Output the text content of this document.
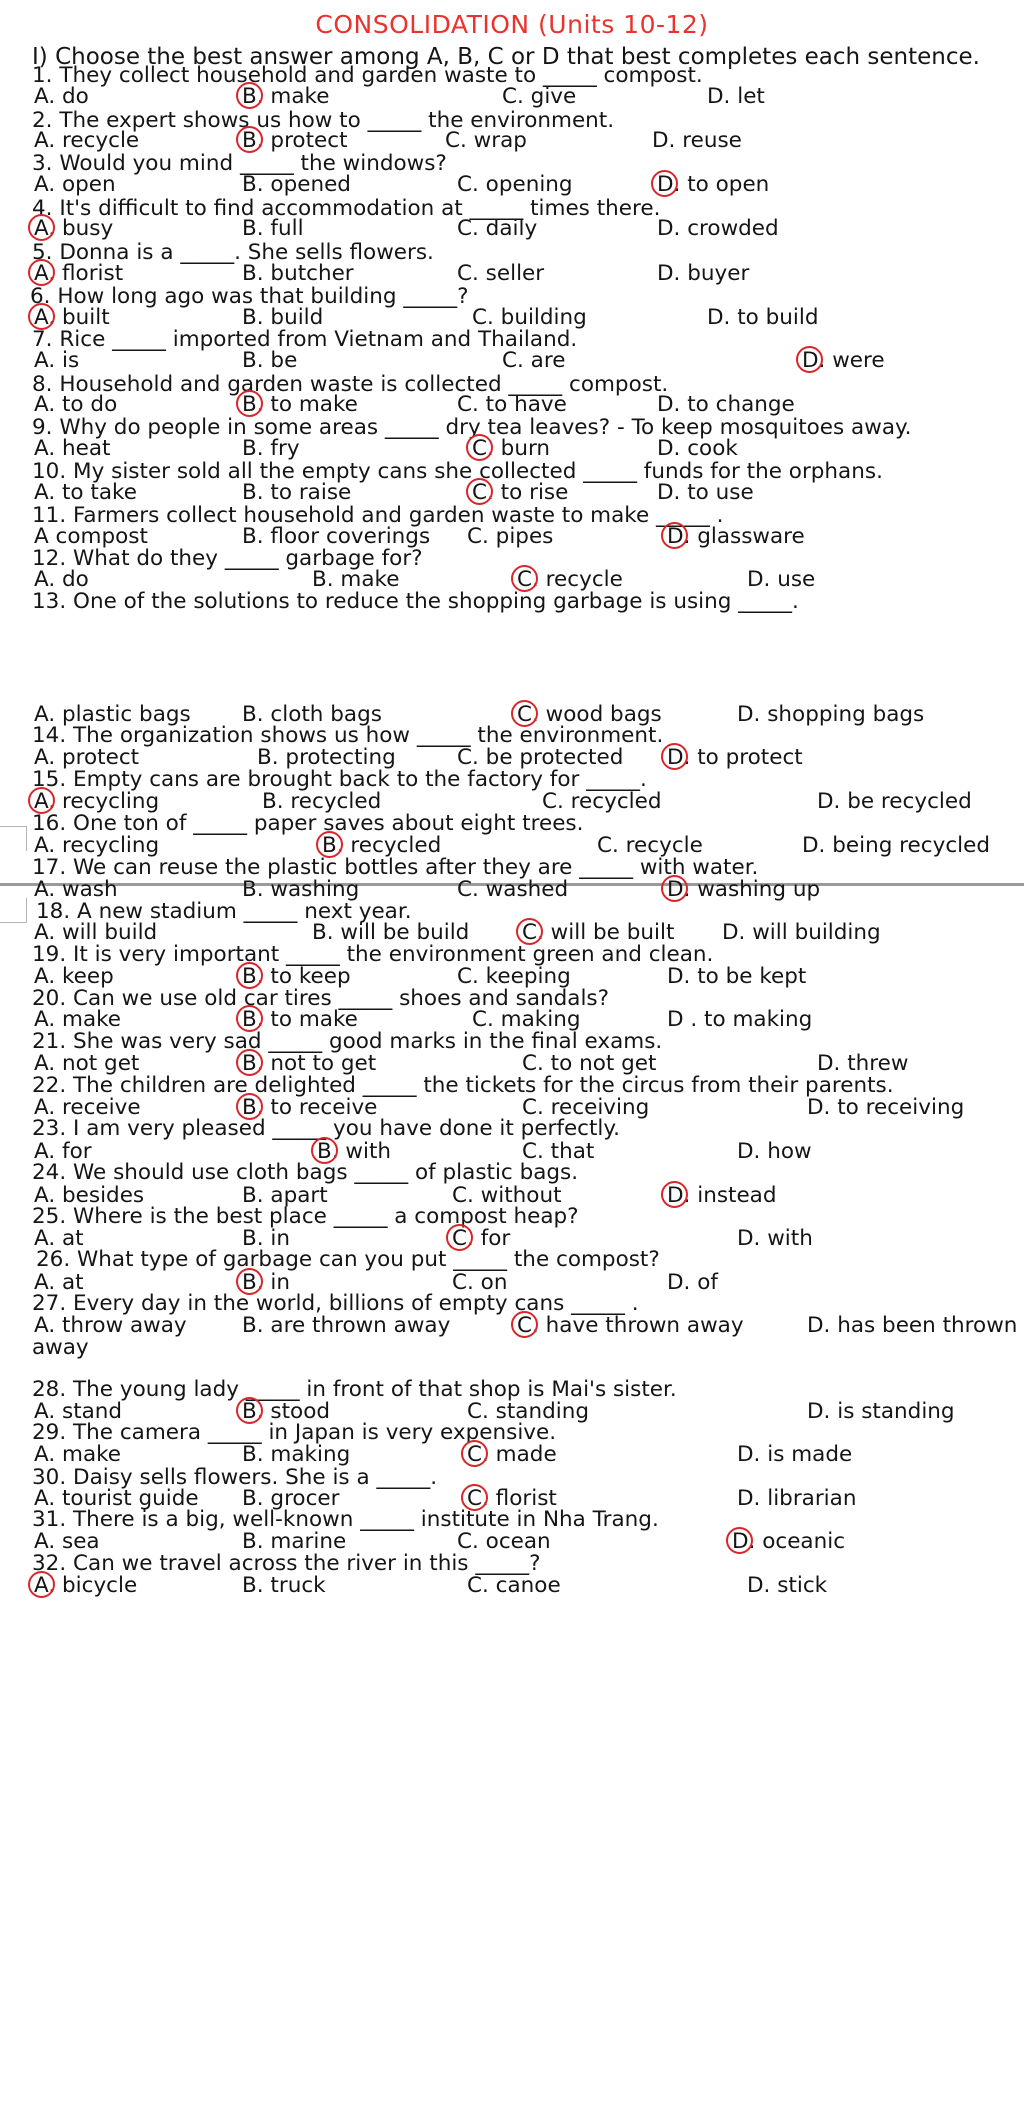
CONSOLIDATION (Units 10-12)
I) Choose the best answer among A, B, C or D that best completes each sentence.
1. They collect household and garden waste to _____ compost.
A. do	B. make	C. give	D. let
2. The expert shows us how to _____ the environment.
A. recycle	B. protect	C. wrap	D. reuse
3. Would you mind _____ the windows?
A. open	B. opened	C. opening	D. to open
4. It's difficult to find accommodation at _____ times there.
A. busy	B. full	C. daily	D. crowded
5. Donna is a _____. She sells flowers.
A. florist	B. butcher	C. seller	D. buyer
6. How long ago was that building _____?
A. built	B. build	C. building	D. to build
7. Rice _____ imported from Vietnam and Thailand.
A. is	B. be	C. are	D. were
8. Household and garden waste is collected _____ compost.
A. to do	B. to make	C. to have	D. to change
9. Why do people in some areas _____ dry tea leaves? - To keep mosquitoes away.
A. heat	B. fry	C. burn	D. cook
10. My sister sold all the empty cans she collected _____ funds for the orphans.
A. to take	B. to raise	C. to rise	D. to use
11. Farmers collect household and garden waste to make _____ .
A compost	B. floor coverings C. pipes	D. glassware
12. What do they _____ garbage for?
A. do	B. make	C. recycle	D. use
13. One of the solutions to reduce the shopping garbage is using _____.
A. plastic bags B. cloth bags	C. wood bags	D. shopping bags
14. The organization shows us how _____ the environment.
A. protect	B. protecting	C. be protected D. to protect
15. Empty cans are brought back to the factory for _____.
A. recycling	B. recycled	C. recycled	D. be recycled
16. One ton of _____ paper saves about eight trees.
A. recycling	B. recycled	C. recycle	D. being recycled
17. We can reuse the plastic bottles after they are _____ with water.
A. wash	B. washing	C. washed	D. washing up
18. A new stadium _____ next year.
A. will build	B. will be build C. will be built D. will building
19. It is very important _____ the environment green and clean.
A. keep	B. to keep	C. keeping	D. to be kept
20. Can we use old car tires _____ shoes and sandals?
A. make	B. to make	C. making	D . to making
21. She was very sad _____ good marks in the final exams.
A. not get	B. not to get	C. to not get	D. threw
22. The children are delighted _____ the tickets for the circus from their parents.
A. receive	B. to receive	C. receiving	D. to receiving
23. I am very pleased _____ you have done it perfectly.
A. for	B. with	C. that	D. how
24. We should use cloth bags _____ of plastic bags.
A. besides	B. apart	C. without	D. instead
25. Where is the best place _____ a compost heap?
A. at	B. in	C. for	D. with
26. What type of garbage can you put _____ the compost?
A. at	B. in	C. on	D. of
27. Every day in the world, billions of empty cans _____ .
A. throw away	B. are thrown away	C. have thrown away	D. has been thrown
away
28. The young lady _____ in front of that shop is Mai's sister.
A. stand	B. stood	C. standing	D. is standing
29. The camera _____ in Japan is very expensive.
A. make	B. making	C. made	D. is made
30. Daisy sells flowers. She is a _____.
A. tourist guide B. grocer	C. florist	D. librarian
31. There is a big, well-known _____ institute in Nha Trang.
A. sea	B. marine	C. ocean	D. oceanic
32. Can we travel across the river in this _____?
A. bicycle	B. truck	C. canoe	D. stick
